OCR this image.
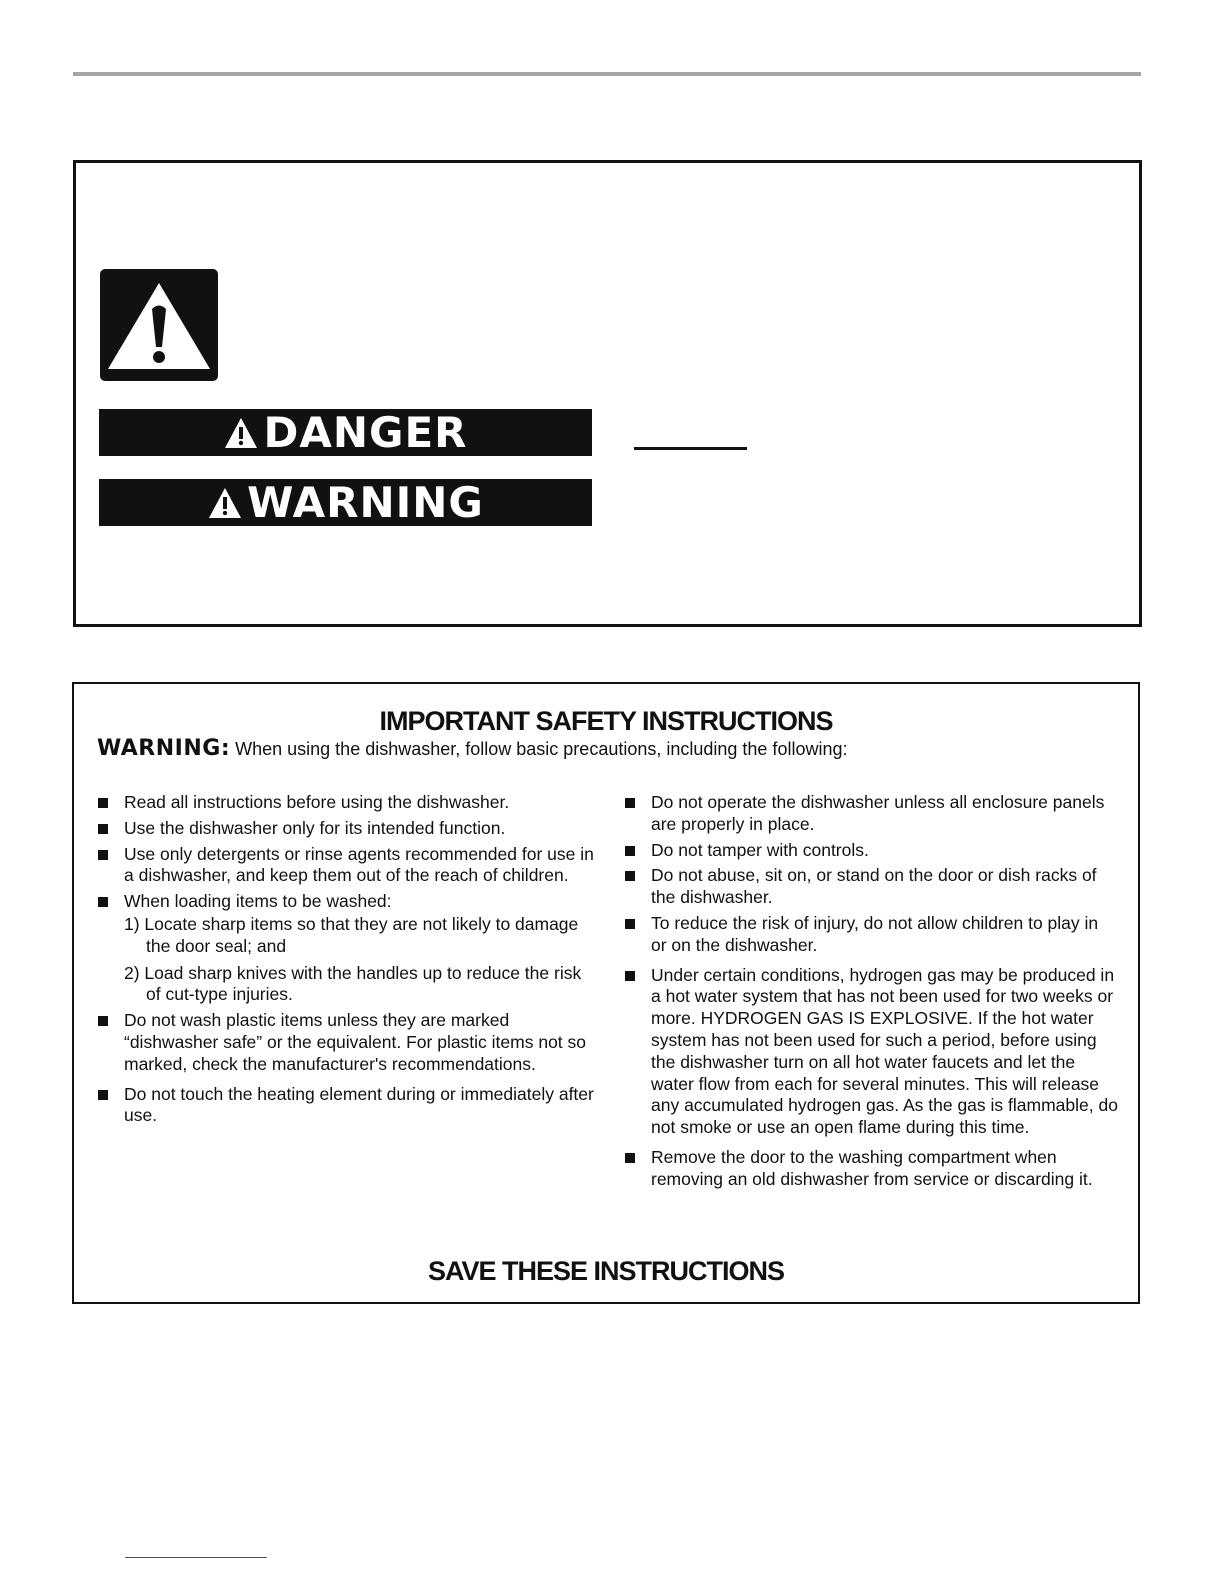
DANGER
WARNING
IMPORTANT SAFETY INSTRUCTIONS
WARNING: When using the dishwasher, follow basic precautions, including the following:
Read all instructions before using the dishwasher.
Use the dishwasher only for its intended function.
Use only detergents or rinse agents recommended for use in a dishwasher, and keep them out of the reach of children.
When loading items to be washed:
1) Locate sharp items so that they are not likely to damage the door seal; and
2) Load sharp knives with the handles up to reduce the risk of cut-type injuries.
Do not wash plastic items unless they are marked “dishwasher safe” or the equivalent. For plastic items not so marked, check the manufacturer's recommendations.
Do not touch the heating element during or immediately after use.
Do not operate the dishwasher unless all enclosure panels are properly in place.
Do not tamper with controls.
Do not abuse, sit on, or stand on the door or dish racks of the dishwasher.
To reduce the risk of injury, do not allow children to play in or on the dishwasher.
Under certain conditions, hydrogen gas may be produced in a hot water system that has not been used for two weeks or more. HYDROGEN GAS IS EXPLOSIVE. If the hot water system has not been used for such a period, before using the dishwasher turn on all hot water faucets and let the water flow from each for several minutes. This will release any accumulated hydrogen gas. As the gas is flammable, do not smoke or use an open flame during this time.
Remove the door to the washing compartment when removing an old dishwasher from service or discarding it.
SAVE THESE INSTRUCTIONS
